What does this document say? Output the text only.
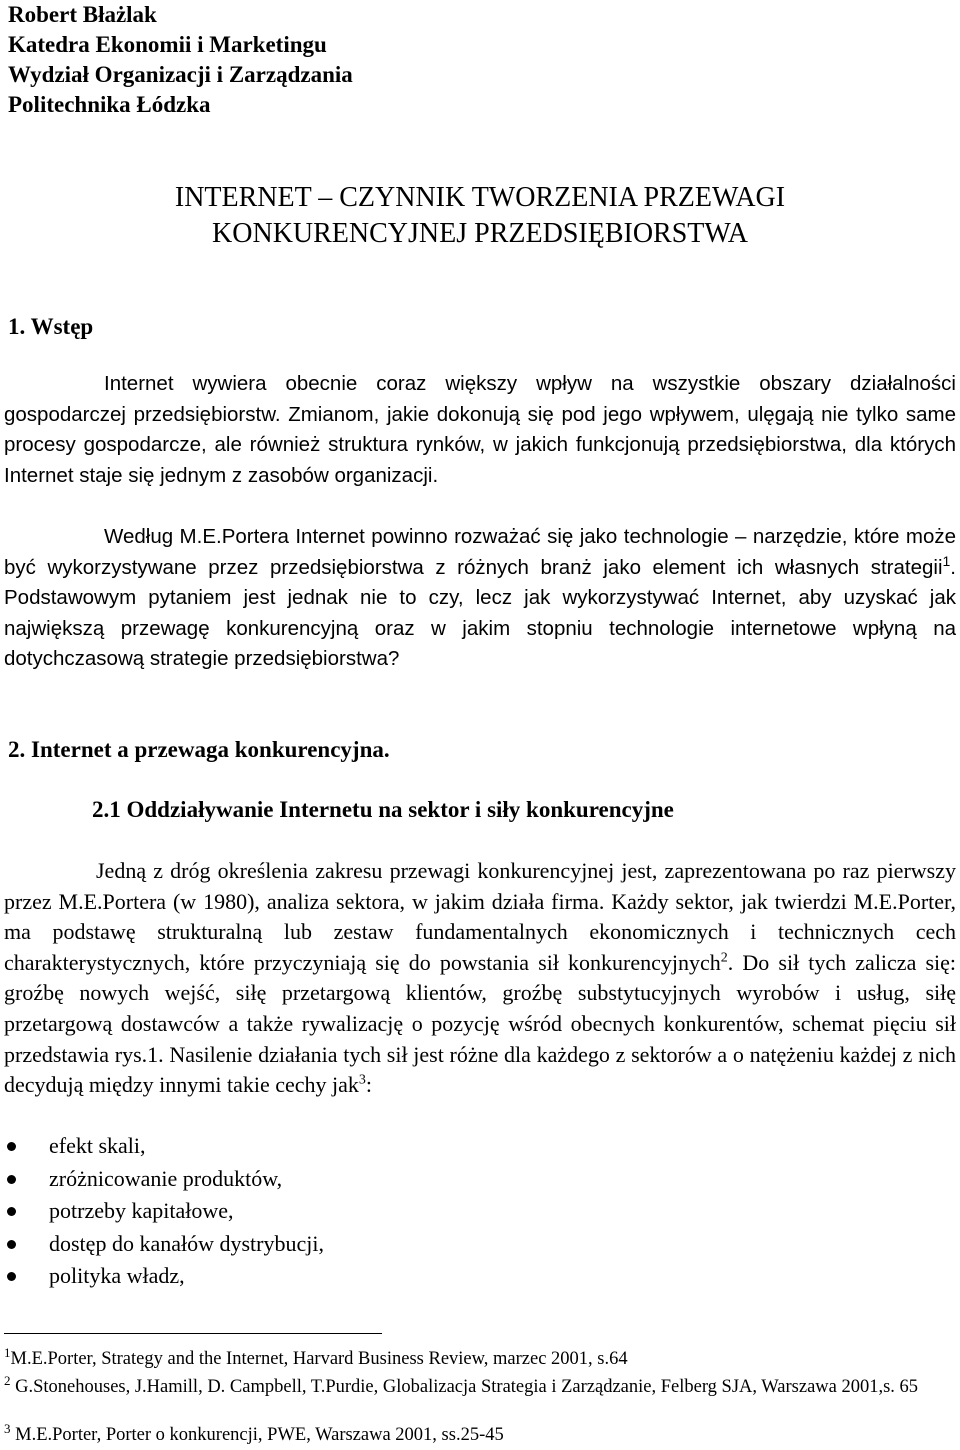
Robert Błażlak
Katedra Ekonomii i Marketingu
Wydział Organizacji i Zarządzania
Politechnika Łódzka
INTERNET – CZYNNIK TWORZENIA PRZEWAGI
KONKURENCYJNEJ PRZEDSIĘBIORSTWA
1. Wstęp

Internet wywiera obecnie coraz większy wpływ na wszystkie obszary działalności gospodarczej przedsiębiorstw. Zmianom, jakie dokonują się pod jego wpływem, ulęgają nie tylko same procesy gospodarcze, ale również struktura rynków, w jakich funkcjonują przedsiębiorstwa, dla których Internet staje się jednym z zasobów organizacji.

Według M.E.Portera Internet powinno rozważać się jako technologie – narzędzie, które może być wykorzystywane przez przedsiębiorstwa z różnych branż jako element ich własnych strategii$^1$. Podstawowym pytaniem jest jednak nie to czy, lecz jak wykorzystywać Internet, aby uzyskać jak największą przewagę konkurencyjną oraz w jakim stopniu technologie internetowe wpłyną na dotychczasową strategie przedsiębiorstwa?

2. Internet a przewaga konkurencyjna.
2.1 Oddziaływanie Internetu na sektor i siły konkurencyjne

Jedną z dróg określenia zakresu przewagi konkurencyjnej jest, zaprezentowana po raz pierwszy przez M.E.Portera (w 1980), analiza sektora, w jakim działa firma. Każdy sektor, jak twierdzi M.E.Porter, ma podstawę strukturalną lub zestaw fundamentalnych ekonomicznych i technicznych cech charakterystycznych, które przyczyniają się do powstania sił konkurencyjnych$^2$. Do sił tych zalicza się: groźbę nowych wejść, siłę przetargową klientów, groźbę substytucyjnych wyrobów i usług, siłę przetargową dostawców a także rywalizację o pozycję wśród obecnych konkurentów, schemat pięciu sił przedstawia rys.1. Nasilenie działania tych sił jest różne dla każdego z sektorów a o natężeniu każdej z nich decydują między innymi takie cechy jak$^3$:

efekt skali,
zróżnicowanie produktów,
potrzeby kapitałowe,
dostęp do kanałów dystrybucji,
polityka władz,

$^1$M.E.Porter, Strategy and the Internet, Harvard Business Review, marzec 2001, s.64

$^2$ G.Stonehouses, J.Hamill, D. Campbell, T.Purdie, Globalizacja Strategia i Zarządzanie, Felberg SJA, Warszawa 2001,s. 65

$^3$ M.E.Porter, Porter o konkurencji, PWE, Warszawa 2001, ss.25-45
